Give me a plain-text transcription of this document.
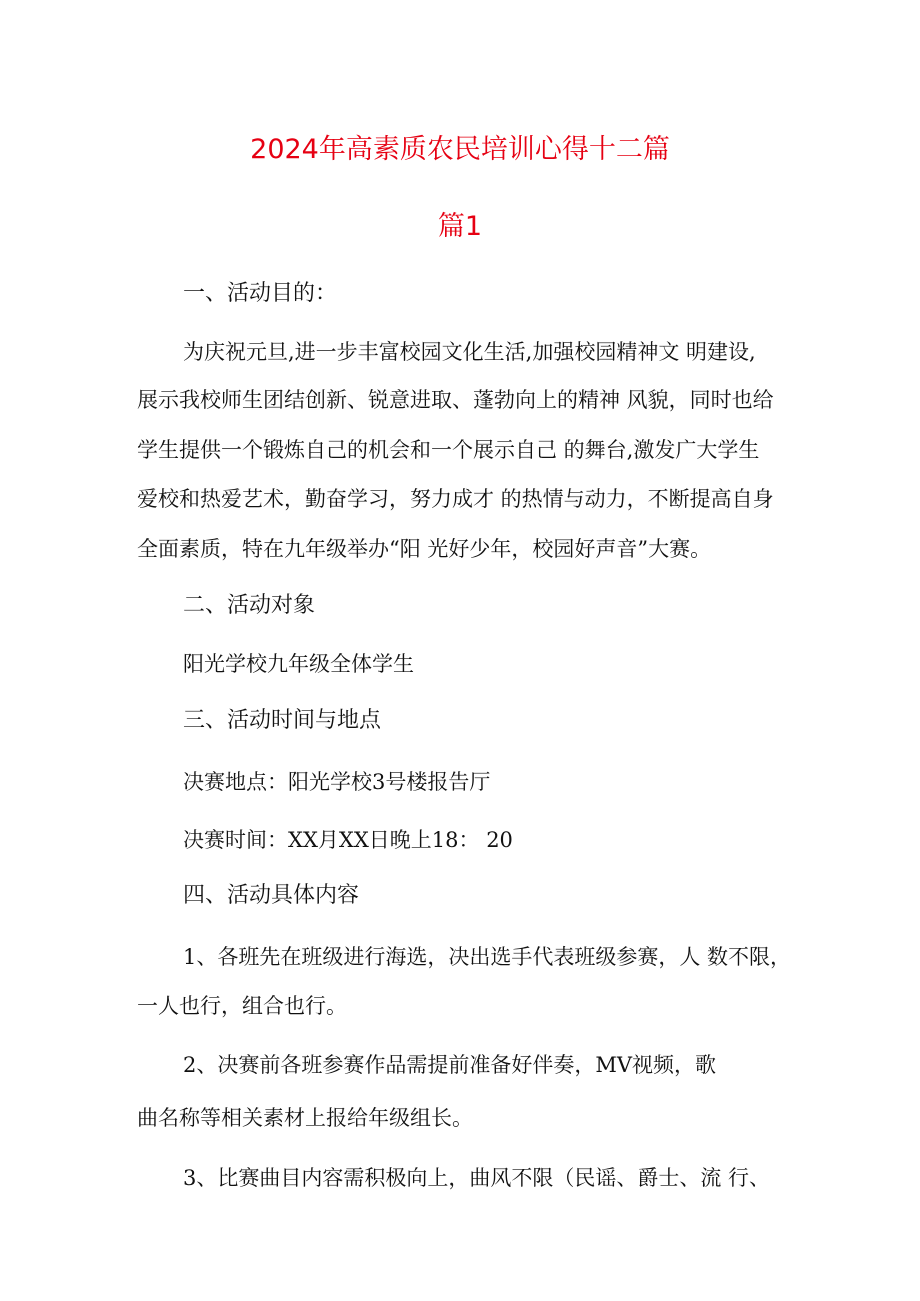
2024年高素质农民培训心得十二篇
篇1
一、活动目的：
为庆祝元旦,进一步丰富校园文化生活,加强校园精神文 明建设,
展示我校师生团结创新、锐意进取、蓬勃向上的精神 风貌，同时也给
学生提供一个锻炼自己的机会和一个展示自己 的舞台,激发广大学生
爱校和热爱艺术，勤奋学习，努力成才 的热情与动力，不断提高自身
全面素质，特在九年级举办“阳 光好少年，校园好声音”大赛。
二、活动对象
阳光学校九年级全体学生
三、活动时间与地点
决赛地点：阳光学校3号楼报告厅
决赛时间：XX月XX日晚上18： 20
四、活动具体内容
1、各班先在班级进行海选，决出选手代表班级参赛，人 数不限，
一人也行，组合也行。
2、决赛前各班参赛作品需提前准备好伴奏，MV视频，歌
曲名称等相关素材上报给年级组长。
3、比赛曲目内容需积极向上，曲风不限（民谣、爵士、流 行、
